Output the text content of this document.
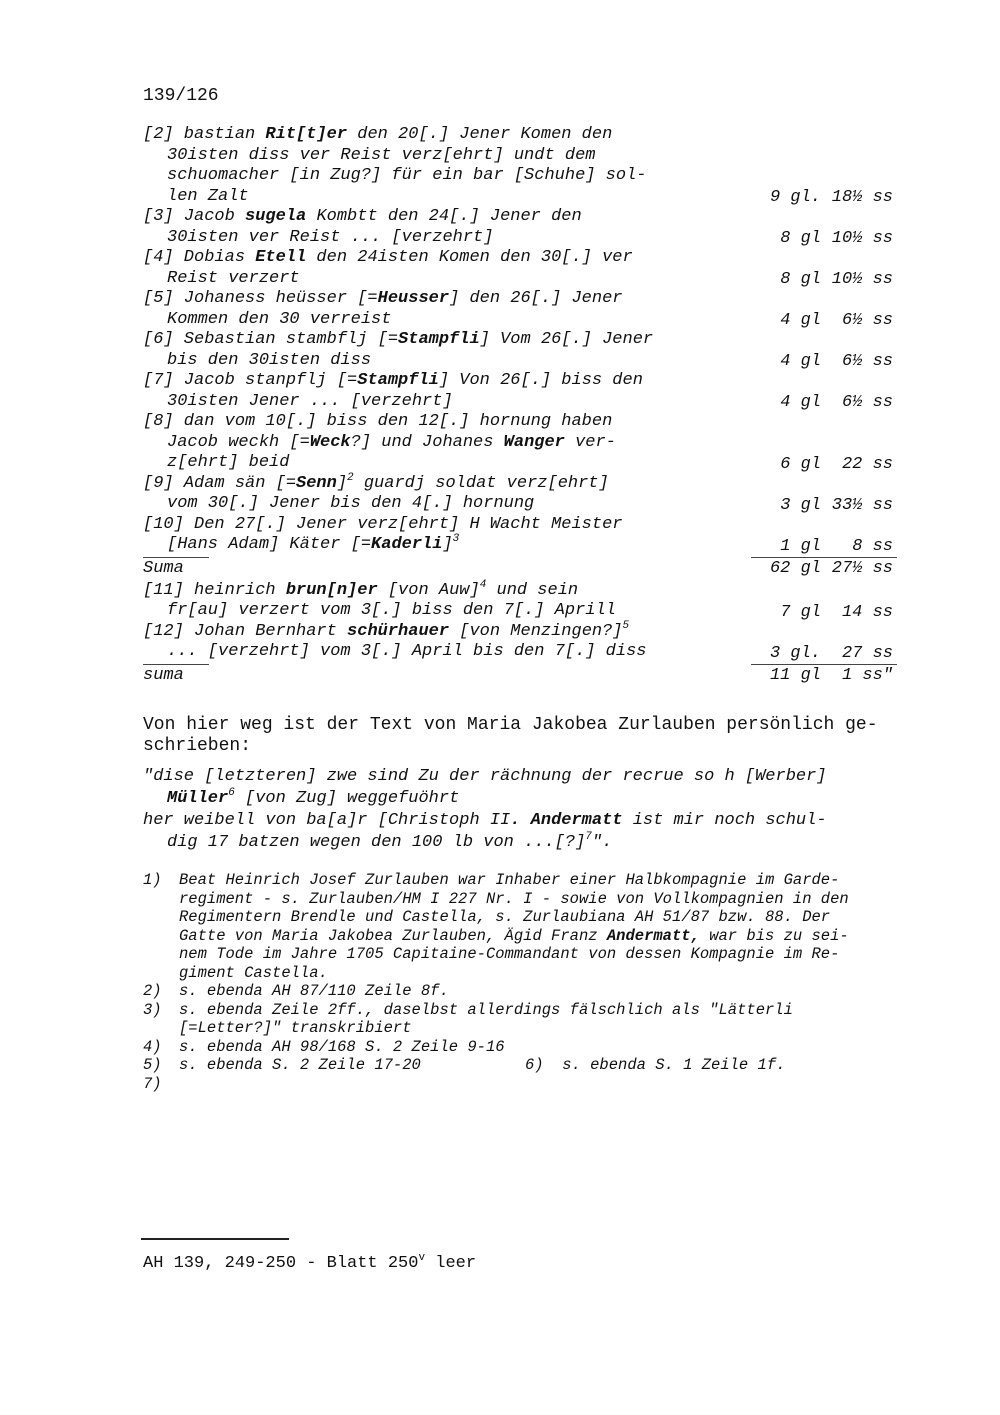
139/126
[2] bastian Rit[t]er den 20[.] Jener Komen den
30isten diss ver Reist verz[ehrt] undt dem
schuomacher [in Zug?] für ein bar [Schuhe] sol-
len Zalt	9 gl. 18½ ss
[3] Jacob sugela Kombtt den 24[.] Jener den
30isten ver Reist ... [verzehrt]	8 gl 10½ ss
[4] Dobias Etell den 24isten Komen den 30[.] ver
Reist verzert	8 gl 10½ ss
[5] Johaness heüsser [=Heusser] den 26[.] Jener
Kommen den 30 verreist	4 gl 6½ ss
[6] Sebastian stambflj [=Stampfli] Vom 26[.] Jener
bis den 30isten diss	4 gl 6½ ss
[7] Jacob stanpflj [=Stampfli] Von 26[.] biss den
30isten Jener ... [verzehrt]	4 gl 6½ ss
[8] dan vom 10[.] biss den 12[.] hornung haben
Jacob weckh [=Weck?] und Johanes Wanger ver-
z[ehrt] beid	6 gl 22 ss
[9] Adam sän [=Senn]$^2$ guardj soldat verz[ehrt]
vom 30[.] Jener bis den 4[.] hornung	3 gl 33½ ss
[10] Den 27[.] Jener verz[ehrt] H Wacht Meister
[Hans Adam] Käter [=Kaderli]$^3$	1 gl 8 ss
Suma	62 gl 27½ ss
[11] heinrich brun[n]er [von Auw]$^4$ und sein
fr[au] verzert vom 3[.] biss den 7[.] Aprill	7 gl 14 ss
[12] Johan Bernhart schürhauer [von Menzingen?]$^5$
... [verzehrt] vom 3[.] April bis den 7[.] diss	3 gl. 27 ss
suma	11 gl 1 ss"
Von hier weg ist der Text von Maria Jakobea Zurlauben persönlich ge-
schrieben:
"dise [letzteren] zwe sind Zu der rächnung der recrue so h [Werber]
Müller$^6$ [von Zug] weggefuöhrt
her weibell von ba[a]r [Christoph II. Andermatt ist mir noch schul-
dig 17 batzen wegen den 100 lb von ...[?]$^7$".
1) Beat Heinrich Josef Zurlauben war Inhaber einer Halbkompagnie im Garde-
regiment - s. Zurlauben/HM I 227 Nr. I - sowie von Vollkompagnien in den
Regimentern Brendle und Castella, s. Zurlaubiana AH 51/87 bzw. 88. Der
Gatte von Maria Jakobea Zurlauben, Ägid Franz Andermatt, war bis zu sei-
nem Tode im Jahre 1705 Capitaine-Commandant von dessen Kompagnie im Re-
giment Castella.
2) s. ebenda AH 87/110 Zeile 8f.
3) s. ebenda Zeile 2ff., daselbst allerdings fälschlich als "Lätterli
[=Letter?]" transkribiert
4) s. ebenda AH 98/168 S. 2 Zeile 9-16
5) s. ebenda S. 2 Zeile 17-20	6)  s. ebenda S. 1 Zeile 1f.
7)
AH 139, 249-250 - Blatt 250$^v$ leer
